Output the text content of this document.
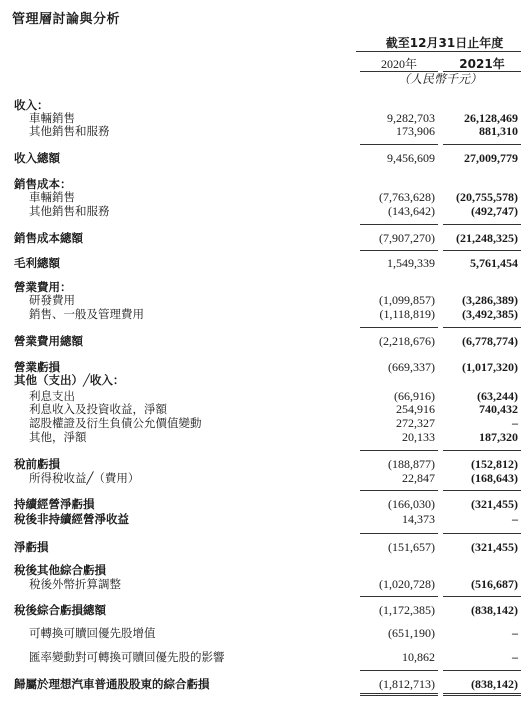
管理層討論與分析
截至12月31日止年度
2020年	2021年
（人民幣千元）
收入：
車輛銷售	9,282,703	26,128,469
其他銷售和服務	173,906	881,310
收入總額	9,456,609	27,009,779
銷售成本：
車輛銷售	(7,763,628)	(20,755,578)
其他銷售和服務	(143,642)	(492,747)
銷售成本總額	(7,907,270)	(21,248,325)
毛利總額	1,549,339	5,761,454
營業費用：
研發費用	(1,099,857)	(3,286,389)
銷售、一般及管理費用	(1,118,819)	(3,492,385)
營業費用總額	(2,218,676)	(6,778,774)
營業虧損	(669,337)	(1,017,320)
其他（支出）╱收入：
利息支出	(66,916)	(63,244)
利息收入及投資收益，淨額	254,916	740,432
認股權證及衍生負債公允價值變動	272,327	–
其他，淨額	20,133	187,320
稅前虧損	(188,877)	(152,812)
所得稅收益╱（費用）	22,847	(168,643)
持續經營淨虧損	(166,030)	(321,455)
稅後非持續經營淨收益	14,373	–
淨虧損	(151,657)	(321,455)
稅後其他綜合虧損
稅後外幣折算調整	(1,020,728)	(516,687)
稅後綜合虧損總額	(1,172,385)	(838,142)
可轉換可贖回優先股增值	(651,190)	–
匯率變動對可轉換可贖回優先股的影響	10,862	–
歸屬於理想汽車普通股股東的綜合虧損	(1,812,713)	(838,142)
